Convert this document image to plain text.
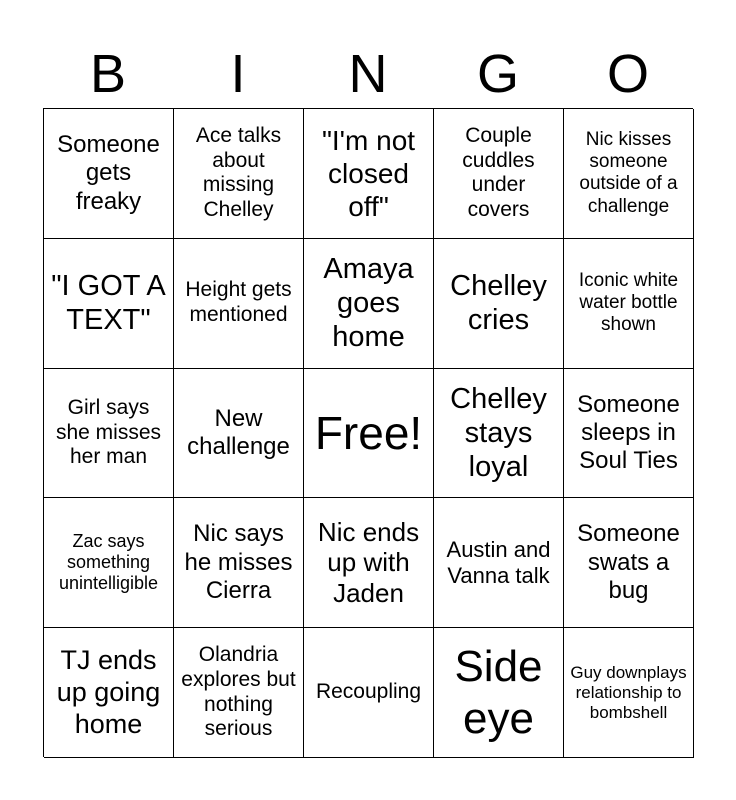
B	I	N	G	O
Someone gets freaky
Ace talks about missing Chelley
"I'm not closed off"
Couple cuddles under covers
Nic kisses someone outside of a challenge
"I GOT A TEXT"
Height gets mentioned
Amaya goes home
Chelley cries
Iconic white water bottle shown
Girl says she misses her man
New challenge Free!
Chelley stays loyal
Someone sleeps in Soul Ties
Zac says something unintelligible
Nic says he misses Cierra
Nic ends up with Jaden
Austin and Vanna talk
Someone swats a bug
TJ ends up going home
Olandria explores but nothing serious
Recoupling
Side eye
Guy downplays relationship to bombshell
